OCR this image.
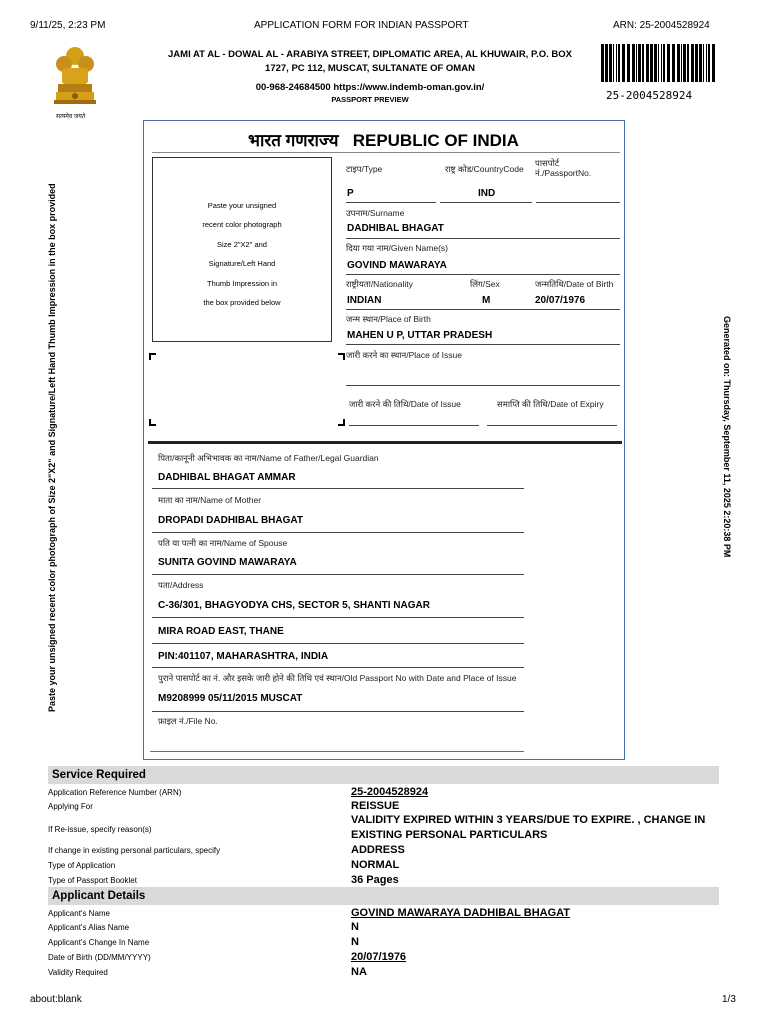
9/11/25, 2:23 PM	APPLICATION FORM FOR INDIAN PASSPORT	ARN: 25-2004528924
सत्यमेव जयते
JAMI AT AL - DOWAL AL - ARABIYA STREET, DIPLOMATIC AREA, AL KHUWAIR, P.O. BOX
1727, PC 112, MUSCAT, SULTANATE OF OMAN
00-968-24684500 https://www.indemb-oman.gov.in/
PASSPORT PREVIEW	25-2004528924
Paste your unsigned recent color photograph of Size 2"X2" and Signature/Left Hand Thumb Impression in the box provided	Generated on: Thursday, September 11, 2025 2:20:38 PM
भारत गणराज्य REPUBLIC OF INDIA
Paste your unsigned
recent color photograph
Size 2"X2" and
Signature/Left Hand
Thumb Impression in
the box provided below
टाइप/Type	राष्ट्र कोड/CountryCode
पासपोर्ट
नं./PassportNo.
P	IND
उपनाम/Surname
DADHIBAL BHAGAT
दिया गया नाम/Given Name(s)
GOVIND MAWARAYA
राष्ट्रीयता/Nationality	लिंग/Sex	जन्मतिथि/Date of Birth
INDIAN	M	20/07/1976
जन्म स्थान/Place of Birth
MAHEN U P, UTTAR PRADESH
जारी करने का स्थान/Place of Issue
जारी करने की तिथि/Date of Issue	समाप्ति की तिथि/Date of Expiry
पिता/कानूनी अभिभावक का नाम/Name of Father/Legal Guardian
DADHIBAL BHAGAT AMMAR
माता का नाम/Name of Mother
DROPADI DADHIBAL BHAGAT
पति या पत्नी का नाम/Name of Spouse
SUNITA GOVIND MAWARAYA
पता/Address
C-36/301, BHAGYODYA CHS, SECTOR 5, SHANTI NAGAR
MIRA ROAD EAST, THANE
PIN:401107, MAHARASHTRA, INDIA
पुराने पासपोर्ट का नं. और इसके जारी होने की तिथि एवं स्थान/Old Passport No with Date and Place of Issue
M9208999 05/11/2015 MUSCAT
फ़ाइल नं./File No.
Service Required
Application Reference Number (ARN)	25-2004528924
Applying For	REISSUE
If Re-issue, specify reason(s)
VALIDITY EXPIRED WITHIN 3 YEARS/DUE TO EXPIRE. , CHANGE IN
EXISTING PERSONAL PARTICULARS
If change in existing personal particulars, specify	ADDRESS
Type of Application	NORMAL
Type of Passport Booklet	36 Pages
Applicant Details
Applicant's Name	GOVIND MAWARAYA DADHIBAL BHAGAT
Applicant's Alias Name	N
Applicant's Change In Name	N
Date of Birth (DD/MM/YYYY)	20/07/1976
Validity Required	NA
about:blank	1/3
